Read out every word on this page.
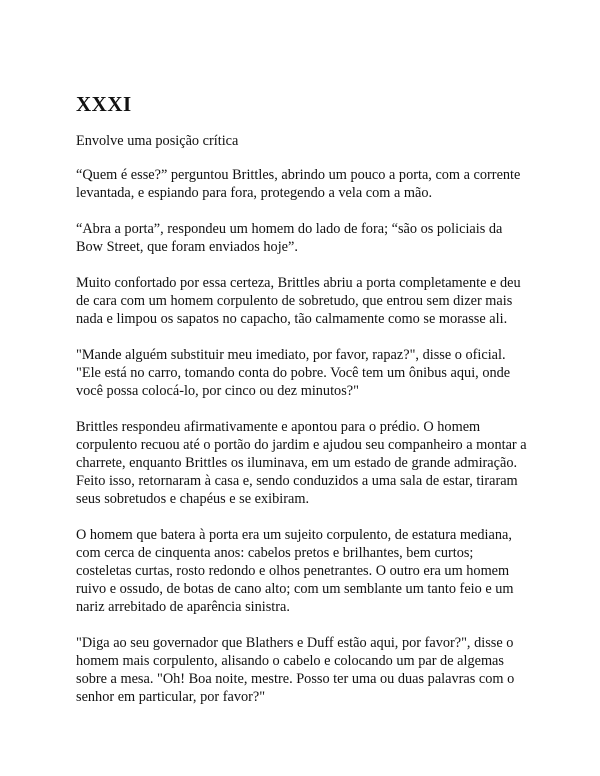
XXXI

Envolve uma posição crítica

“Quem é esse?” perguntou Brittles, abrindo um pouco a porta, com a corrente levantada, e espiando para fora, protegendo a vela com a mão.

“Abra a porta”, respondeu um homem do lado de fora; “são os policiais da Bow Street, que foram enviados hoje”.

Muito confortado por essa certeza, Brittles abriu a porta completamente e deu de cara com um homem corpulento de sobretudo, que entrou sem dizer mais nada e limpou os sapatos no capacho, tão calmamente como se morasse ali.

"Mande alguém substituir meu imediato, por favor, rapaz?", disse o oficial. "Ele está no carro, tomando conta do pobre. Você tem um ônibus aqui, onde você possa colocá-lo, por cinco ou dez minutos?"

Brittles respondeu afirmativamente e apontou para o prédio. O homem corpulento recuou até o portão do jardim e ajudou seu companheiro a montar a charrete, enquanto Brittles os iluminava, em um estado de grande admiração. Feito isso, retornaram à casa e, sendo conduzidos a uma sala de estar, tiraram seus sobretudos e chapéus e se exibiram.

O homem que batera à porta era um sujeito corpulento, de estatura mediana, com cerca de cinquenta anos: cabelos pretos e brilhantes, bem curtos; costeletas curtas, rosto redondo e olhos penetrantes. O outro era um homem ruivo e ossudo, de botas de cano alto; com um semblante um tanto feio e um nariz arrebitado de aparência sinistra.

"Diga ao seu governador que Blathers e Duff estão aqui, por favor?", disse o homem mais corpulento, alisando o cabelo e colocando um par de algemas sobre a mesa. "Oh! Boa noite, mestre. Posso ter uma ou duas palavras com o senhor em particular, por favor?"
